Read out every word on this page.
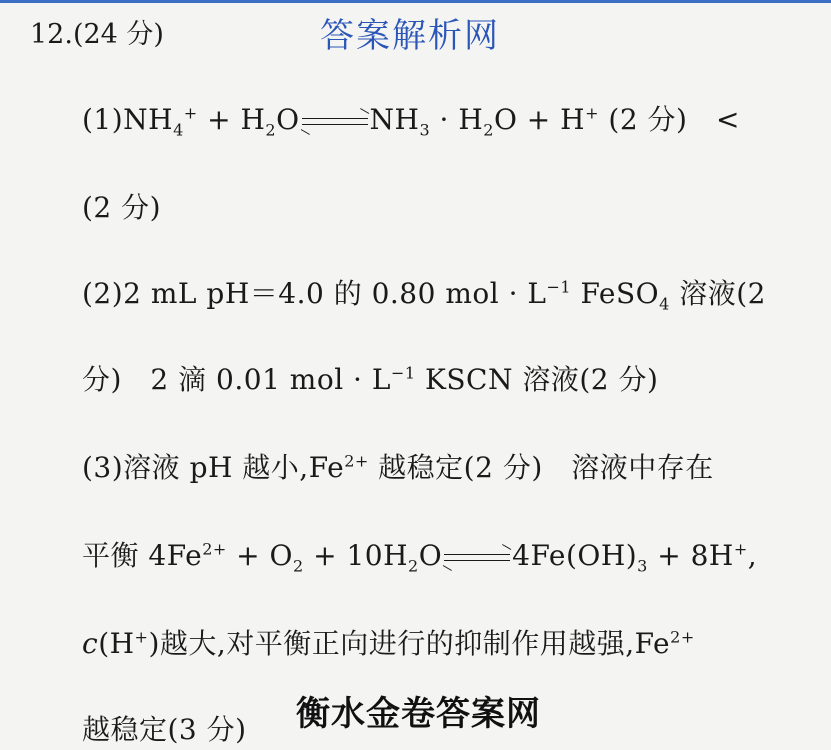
12.(24 分)	答案解析网
$(1)NH_4^+ + H_2O$	$NH_3 \cdot H_2O + H^+$ (2 分)　<
(2 分)
(2)2 mL pH＝4.0 的 0.80 mol · $L^{-1}$ FeSO$_4$ 溶液(2
分)　2 滴 0.01 mol · $L^{-1}$ KSCN 溶液(2 分)
(3)溶液 pH 越小$,Fe^{2+}$ 越稳定(2 分)　溶液中存在
平衡 $4Fe^{2+} + O_2 + 10H_2O$	$4Fe(OH)_3 + 8H^+$,
c(H+)越大,对平衡正向进行的抑制作用越强$,Fe^{2+}$
越稳定(3 分) 衡水金卷答案网
